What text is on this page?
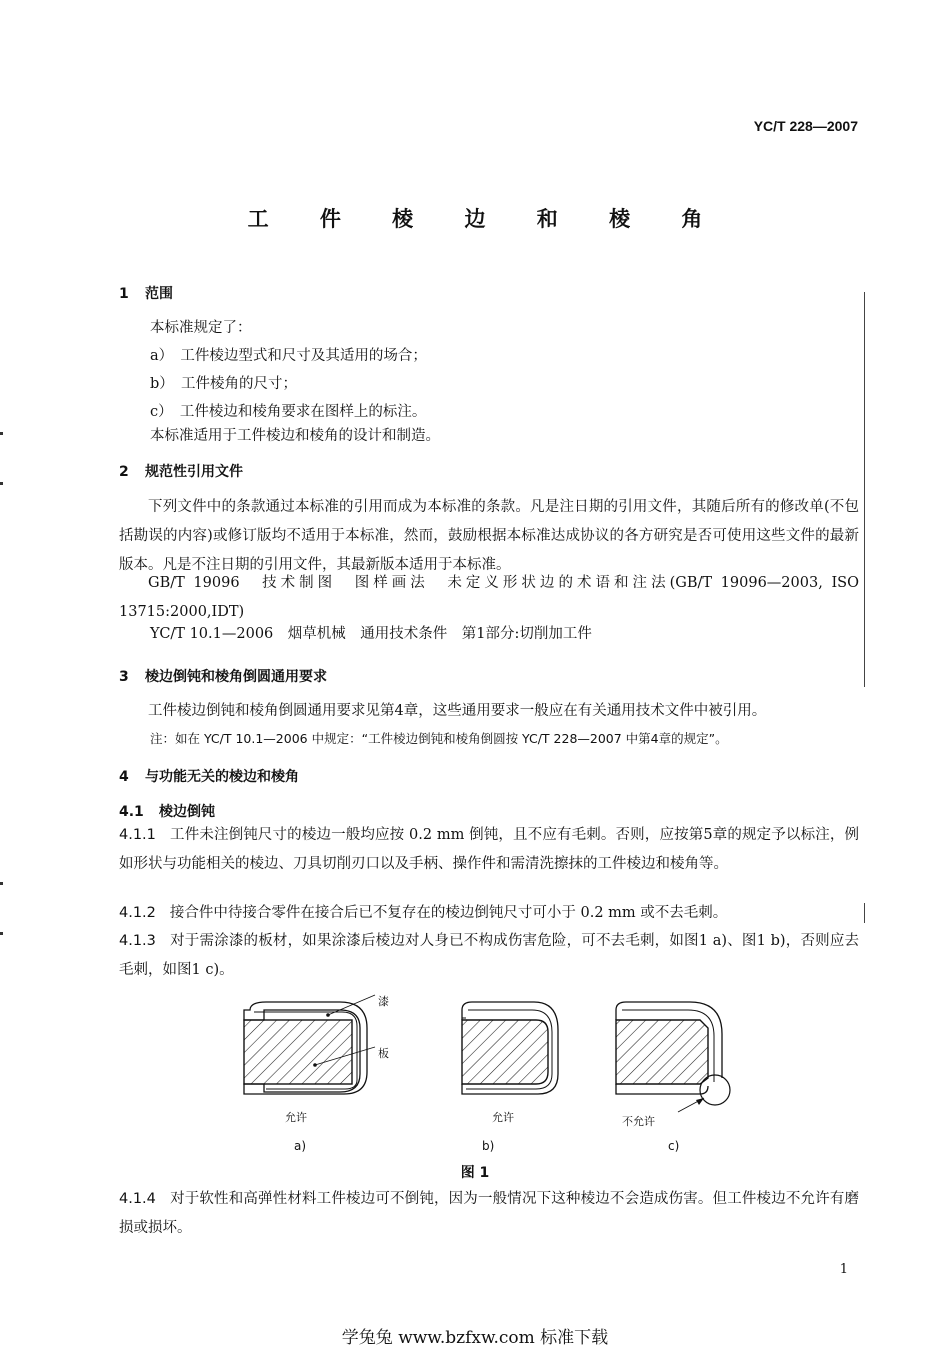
YC/T 228—2007
工 件 棱 边 和 棱 角
1 范围
本标准规定了：
a）　 工件棱边型式和尺寸及其适用的场合；
b）　 工件棱角的尺寸；
c）　 工件棱边和棱角要求在图样上的标注。
本标准适用于工件棱边和棱角的设计和制造。
2 规范性引用文件
下列文件中的条款通过本标准的引用而成为本标准的条款。凡是注日期的引用文件，其随后所有的修改单(不包括勘误的内容)或修订版均不适用于本标准，然而，鼓励根据本标准达成协议的各方研究是否可使用这些文件的最新版本。凡是不注日期的引用文件，其最新版本适用于本标准。
GB/T 19096　技术制图　图样画法　未定义形状边的术语和注法(GB/T 19096—2003, ISO 13715:2000,IDT)
YC/T 10.1—2006　烟草机械　通用技术条件　第1部分:切削加工件
3 棱边倒钝和棱角倒圆通用要求
工件棱边倒钝和棱角倒圆通用要求见第4章，这些通用要求一般应在有关通用技术文件中被引用。
注：如在 YC/T 10.1—2006 中规定：“工件棱边倒钝和棱角倒圆按 YC/T 228—2007 中第4章的规定”。
4 与功能无关的棱边和棱角
4.1 棱边倒钝
4.1.1 工件未注倒钝尺寸的棱边一般均应按 0.2 mm 倒钝，且不应有毛刺。否则，应按第5章的规定予以标注，例如形状与功能相关的棱边、刀具切削刃口以及手柄、操作件和需清洗擦抹的工件棱边和棱角等。
4.1.2 接合件中待接合零件在接合后已不复存在的棱边倒钝尺寸可小于 0.2 mm 或不去毛刺。
4.1.3 对于需涂漆的板材，如果涂漆后棱边对人身已不构成伤害危险，可不去毛刺，如图1 a)、图1 b)，否则应去毛刺，如图1 c)。
漆
板
允许	允许	不允许
a)	b)	c)
图 1
4.1.4 对于软性和高弹性材料工件棱边可不倒钝，因为一般情况下这种棱边不会造成伤害。但工件棱边不允许有磨损或损坏。
1
学兔兔 www.bzfxw.com 标准下载
